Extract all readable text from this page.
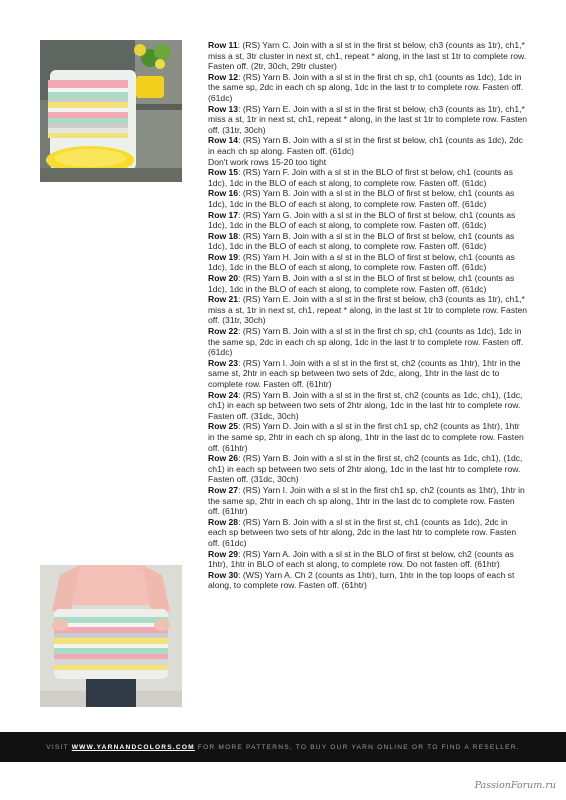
Row 11: (RS) Yarn C. Join with a sl st in the first st below, ch3 (counts as 1tr), ch1,* miss a st, 3tr cluster in next st, ch1, repeat * along, in the last st 1tr to complete row. Fasten off. (2tr, 30ch, 29tr cluster)

Row 12: (RS) Yarn B. Join with a sl st in the first ch sp, ch1 (counts as 1dc), 1dc in the same sp, 2dc in each ch sp along, 1dc in the last tr to complete row. Fasten off. (61dc)

Row 13: (RS) Yarn E. Join with a sl st in the first st below, ch3 (counts as 1tr), ch1,* miss a st, 1tr in next st, ch1, repeat * along, in the last st 1tr to complete row. Fasten off. (31tr, 30ch)

Row 14: (RS) Yarn B. Join with a sl st in the first st below, ch1 (counts as 1dc), 2dc in each ch sp along. Fasten off. (61dc)

Don't work rows 15-20 too tight

Row 15: (RS) Yarn F. Join with a sl st in the BLO of first st below, ch1 (counts as 1dc), 1dc in the BLO of each st along, to complete row. Fasten off. (61dc)

Row 16: (RS) Yarn B. Join with a sl st in the BLO of first st below, ch1 (counts as 1dc), 1dc in the BLO of each st along, to complete row. Fasten off. (61dc)

Row 17: (RS) Yarn G. Join with a sl st in the BLO of first st below, ch1 (counts as 1dc), 1dc in the BLO of each st along, to complete row. Fasten off. (61dc)

Row 18: (RS) Yarn B. Join with a sl st in the BLO of first st below, ch1 (counts as 1dc), 1dc in the BLO of each st along, to complete row. Fasten off. (61dc)

Row 19: (RS) Yarn H. Join with a sl st in the BLO of first st below, ch1 (counts as 1dc), 1dc in the BLO of each st along, to complete row. Fasten off. (61dc)

Row 20: (RS) Yarn B. Join with a sl st in the BLO of first st below, ch1 (counts as 1dc), 1dc in the BLO of each st along, to complete row. Fasten off. (61dc)

Row 21: (RS) Yarn E. Join with a sl st in the first st below, ch3 (counts as 1tr), ch1,* miss a st, 1tr in next st, ch1, repeat * along, in the last st 1tr to complete row. Fasten off. (31tr, 30ch)

Row 22: (RS) Yarn B. Join with a sl st in the first ch sp, ch1 (counts as 1dc), 1dc in the same sp, 2dc in each ch sp along, 1dc in the last tr to complete row. Fasten off. (61dc)

Row 23: (RS) Yarn I. Join with a sl st in the first st, ch2 (counts as 1htr), 1htr in the same st, 2htr in each sp between two sets of 2dc, along, 1htr in the last dc to complete row. Fasten off. (61htr)

Row 24: (RS) Yarn B. Join with a sl st in the first st, ch2 (counts as 1dc, ch1), (1dc, ch1) in each sp between two sets of 2htr along, 1dc in the last htr to complete row. Fasten off. (31dc, 30ch)

Row 25: (RS) Yarn D. Join with a sl st in the first ch1 sp, ch2 (counts as 1htr), 1htr in the same sp, 2htr in each ch sp along, 1htr in the last dc to complete row. Fasten off. (61htr)

Row 26: (RS) Yarn B. Join with a sl st in the first st, ch2 (counts as 1dc, ch1), (1dc, ch1) in each sp between two sets of 2htr along, 1dc in the last htr to complete row. Fasten off. (31dc, 30ch)

Row 27: (RS) Yarn I. Join with a sl st in the first ch1 sp, ch2 (counts as 1htr), 1htr in the same sp, 2htr in each ch sp along, 1htr in the last dc to complete row. Fasten off. (61htr)

Row 28: (RS) Yarn B. Join with a sl st in the first st, ch1 (counts as 1dc), 2dc in each sp between two sets of htr along, 2dc in the last htr to complete row. Fasten off. (61dc)

Row 29: (RS) Yarn A. Join with a sl st in the BLO of first st below, ch2 (counts as 1htr), 1htr in BLO of each st along, to complete row. Do not fasten off. (61htr)

Row 30: (WS) Yarn A. Ch 2 (counts as 1htr), turn, 1htr in the top loops of each st along, to complete row. Fasten off. (61htr)

VISIT WWW.YARNANDCOLORS.COM FOR MORE PATTERNS, TO BUY OUR YARN ONLINE OR TO FIND A RESELLER.
PassionForum.ru
